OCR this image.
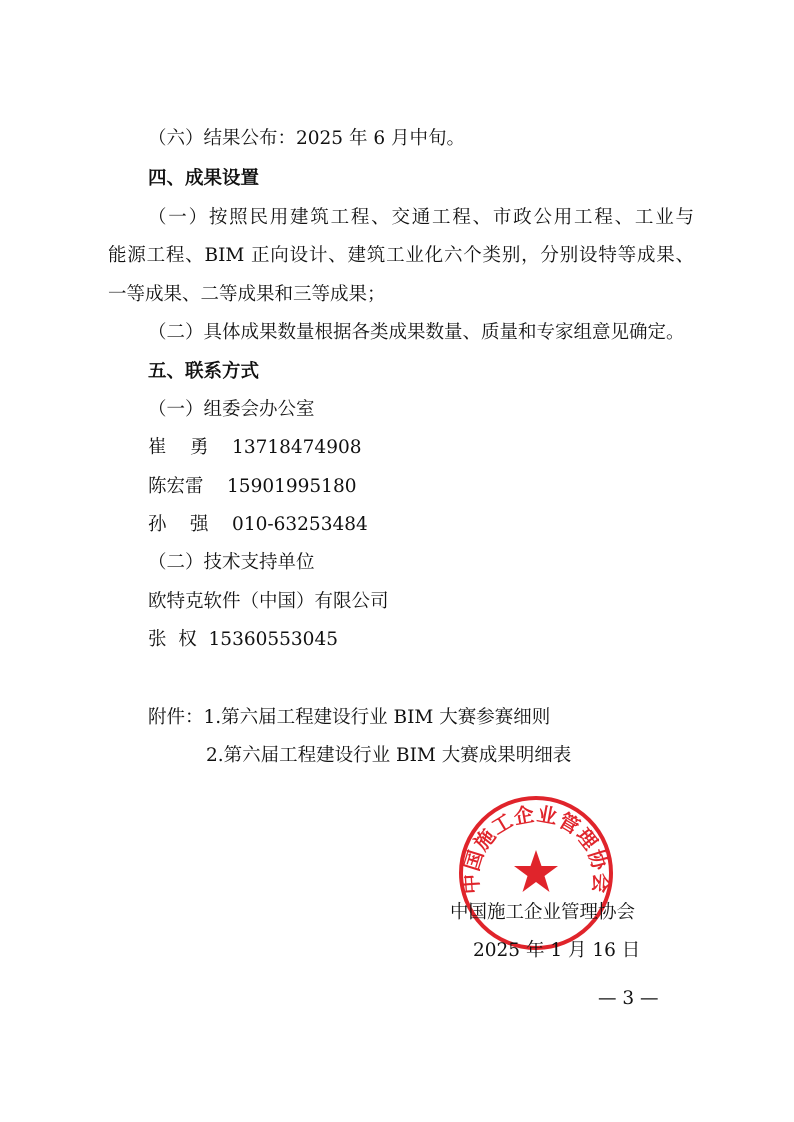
（六）结果公布：2025 年 6 月中旬。
四、成果设置
（一）按照民用建筑工程、交通工程、市政公用工程、工业与
能源工程、BIM 正向设计、建筑工业化六个类别，分别设特等成果、
一等成果、二等成果和三等成果；
（二）具体成果数量根据各类成果数量、质量和专家组意见确定。
五、联系方式
（一）组委会办公室
崔    勇    13718474908
陈宏雷    15901995180
孙    强    010-63253484
（二）技术支持单位
欧特克软件（中国）有限公司
张  权  15360553045
附件：1.第六届工程建设行业 BIM 大赛参赛细则
2.第六届工程建设行业 BIM 大赛成果明细表
中国施工企业管理协会
中国施工企业管理协会
2025 年 1 月 16 日
— 3 —
